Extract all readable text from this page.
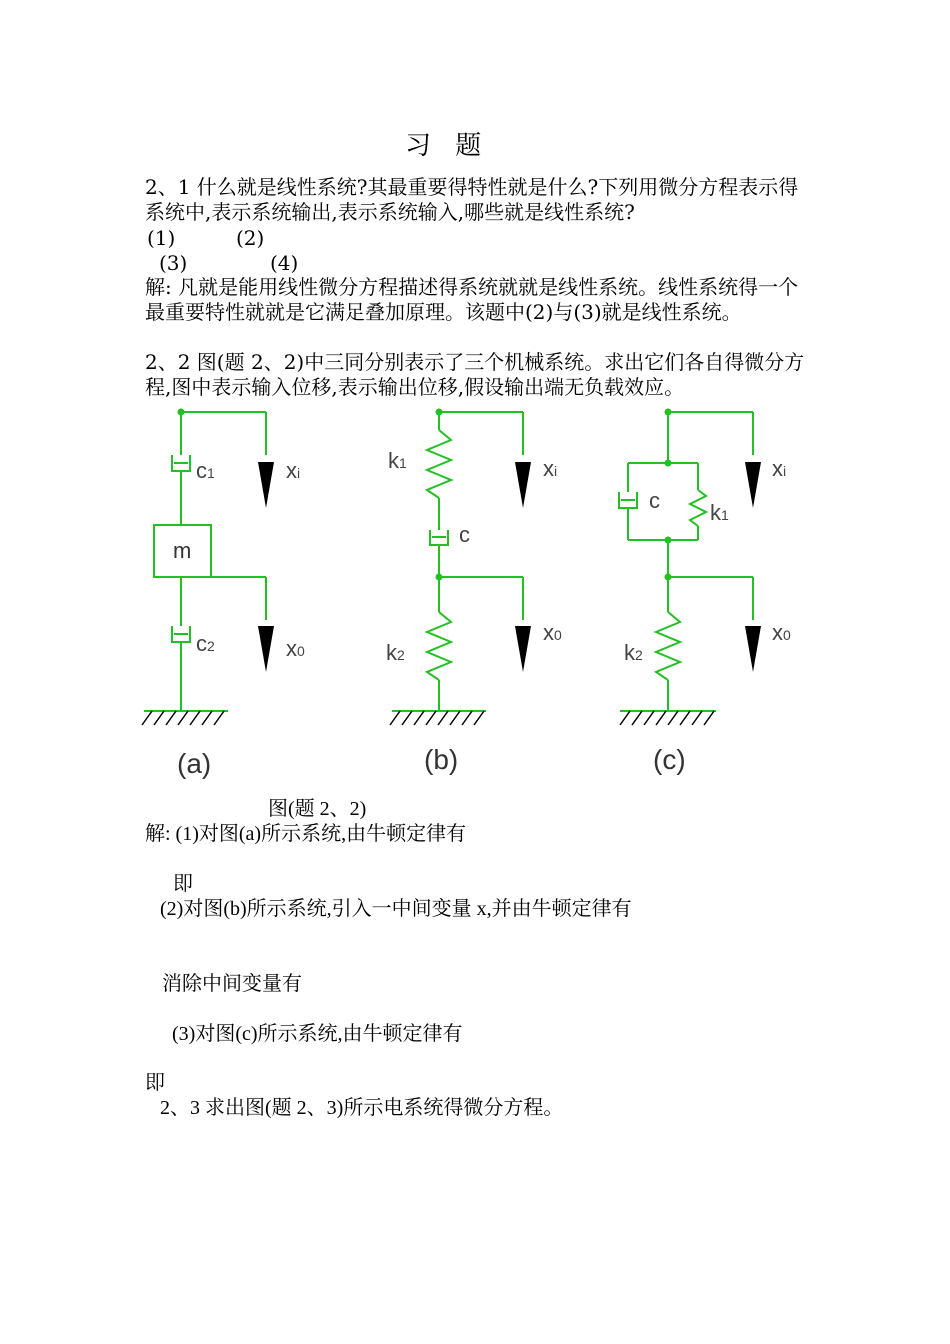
习 题
2、1 什么就是线性系统?其最重要得特性就是什么?下列用微分方程表示得系统中,表示系统输出,表示系统输入,哪些就是线性系统?
(1)	(2)
(3)	(4)
解: 凡就是能用线性微分方程描述得系统就就是线性系统。线性系统得一个最重要特性就就是它满足叠加原理。该题中(2)与(3)就是线性系统。
2、2 图(题 2、2)中三同分别表示了三个机械系统。求出它们各自得微分方程,图中表示输入位移,表示输出位移,假设输出端无负载效应。
c1
m
c2
xi
x0
(a)
k1
c
k2
xi
x0
(b)
c k1
k2
xi
x0
(c)
图(题 2、2)
解: (1)对图(a)所示系统,由牛顿定律有
即
(2)对图(b)所示系统,引入一中间变量 x,并由牛顿定律有
消除中间变量有
(3)对图(c)所示系统,由牛顿定律有
即
2、3 求出图(题 2、3)所示电系统得微分方程。
